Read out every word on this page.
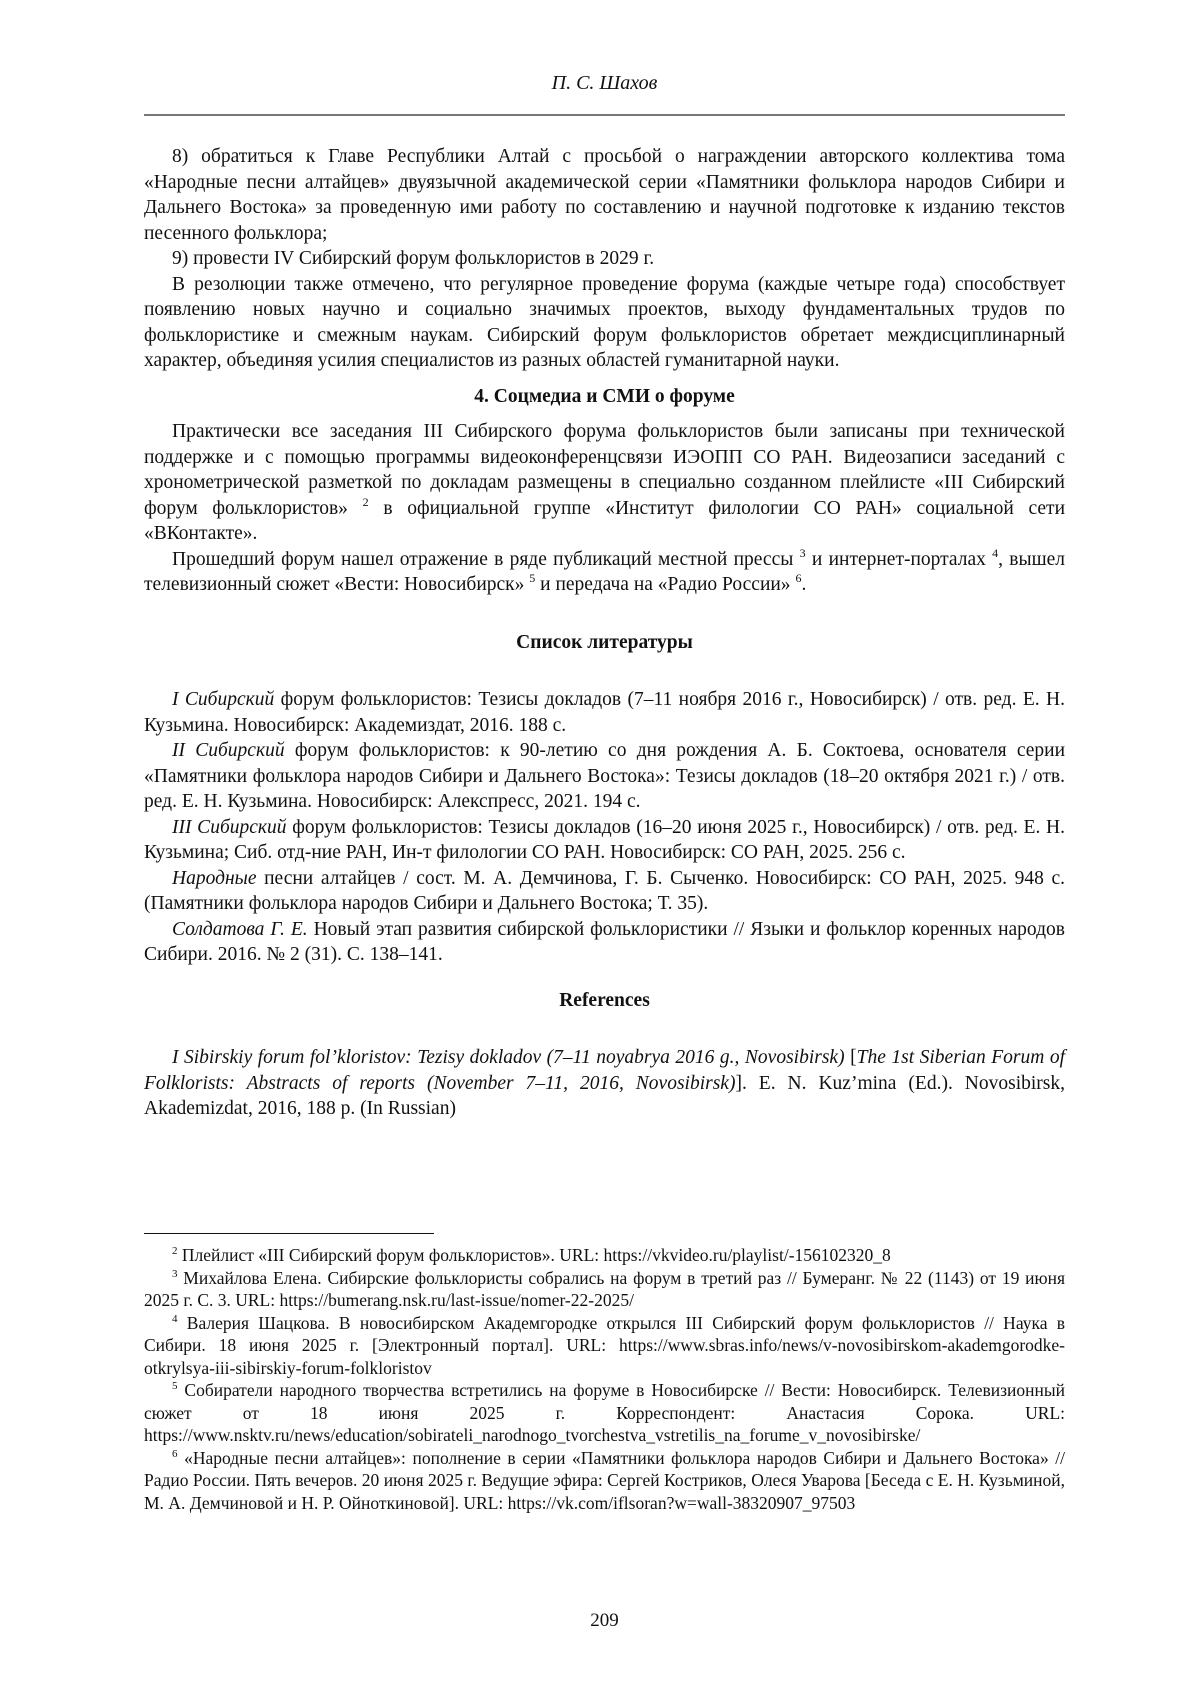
П. С. Шахов

8) обратиться к Главе Республики Алтай с просьбой о награждении авторского коллектива тома «Народные песни алтайцев» двуязычной академической серии «Памятники фольклора народов Сибири и Дальнего Востока» за проведенную ими работу по составлению и научной подготовке к изданию текстов песенного фольклора;

9) провести IV Сибирский форум фольклористов в 2029 г.

В резолюции также отмечено, что регулярное проведение форума (каждые четыре года) способствует появлению новых научно и социально значимых проектов, выходу фундаментальных трудов по фольклористике и смежным наукам. Сибирский форум фольклористов обретает междисциплинарный характер, объединяя усилия специалистов из разных областей гуманитарной науки.

4. Соцмедиа и СМИ о форуме

Практически все заседания III Сибирского форума фольклористов были записаны при технической поддержке и с помощью программы видеоконференцсвязи ИЭОПП СО РАН. Видеозаписи заседаний с хронометрической разметкой по докладам размещены в специально созданном плейлисте «III Сибирский форум фольклористов» $^2$ в официальной группе «Институт филологии СО РАН» социальной сети «ВКонтакте».

Прошедший форум нашел отражение в ряде публикаций местной прессы $^3$ и интернет-порталах $^4$, вышел телевизионный сюжет «Вести: Новосибирск» $^5$ и передача на «Радио России» $^6$.

Список литературы

I Сибирский форум фольклористов: Тезисы докладов (7–11 ноября 2016 г., Новосибирск) / отв. ред. Е. Н. Кузьмина. Новосибирск: Академиздат, 2016. 188 с.

II Сибирский форум фольклористов: к 90-летию со дня рождения А. Б. Соктоева, основателя серии «Памятники фольклора народов Сибири и Дальнего Востока»: Тезисы докладов (18–20 октября 2021 г.) / отв. ред. Е. Н. Кузьмина. Новосибирск: Алекспресс, 2021. 194 с.

III Сибирский форум фольклористов: Тезисы докладов (16–20 июня 2025 г., Новосибирск) / отв. ред. Е. Н. Кузьмина; Сиб. отд-ние РАН, Ин-т филологии СО РАН. Новосибирск: СО РАН, 2025. 256 с.

Народные песни алтайцев / сост. М. А. Демчинова, Г. Б. Сыченко. Новосибирск: СО РАН, 2025. 948 с. (Памятники фольклора народов Сибири и Дальнего Востока; Т. 35).

Солдатова Г. Е. Новый этап развития сибирской фольклористики // Языки и фольклор коренных народов Сибири. 2016. № 2 (31). С. 138–141.

References

I Sibirskiy forum fol’kloristov: Tezisy dokladov (7–11 noyabrya 2016 g., Novosibirsk) [The 1st Siberian Forum of Folklorists: Abstracts of reports (November 7–11, 2016, Novosibirsk)]. E. N. Kuz’mina (Ed.). Novosibirsk, Akademizdat, 2016, 188 p. (In Russian)

$^2$ Плейлист «III Сибирский форум фольклористов». URL: https://vkvideo.ru/playlist/-156102320_8

$^3$ Михайлова Елена. Сибирские фольклористы собрались на форум в третий раз // Бумеранг. № 22 (1143) от 19 июня 2025 г. С. 3. URL: https://bumerang.nsk.ru/last-issue/nomer-22-2025/

$^4$ Валерия Шацкова. В новосибирском Академгородке открылся III Сибирский форум фольклористов // Наука в Сибири. 18 июня 2025 г. [Электронный портал]. URL: https://www.sbras.info/news/v-novosibirskom-akademgorodke-otkrylsya-iii-sibirskiy-forum-folkloristov

$^5$ Собиратели народного творчества встретились на форуме в Новосибирске // Вести: Новосибирск. Телевизионный сюжет от 18 июня 2025 г. Корреспондент: Анастасия Сорока. URL: https://www.nsktv.ru/news/education/sobirateli_narodnogo_tvorchestva_vstretilis_na_forume_v_novosibirske/

$^6$ «Народные песни алтайцев»: пополнение в серии «Памятники фольклора народов Сибири и Дальнего Востока» // Радио России. Пять вечеров. 20 июня 2025 г. Ведущие эфира: Сергей Костриков, Олеся Уварова [Беседа с Е. Н. Кузьминой, М. А. Демчиновой и Н. Р. Ойноткиновой]. URL: https://vk.com/iflsoran?w=wall-38320907_97503

209
